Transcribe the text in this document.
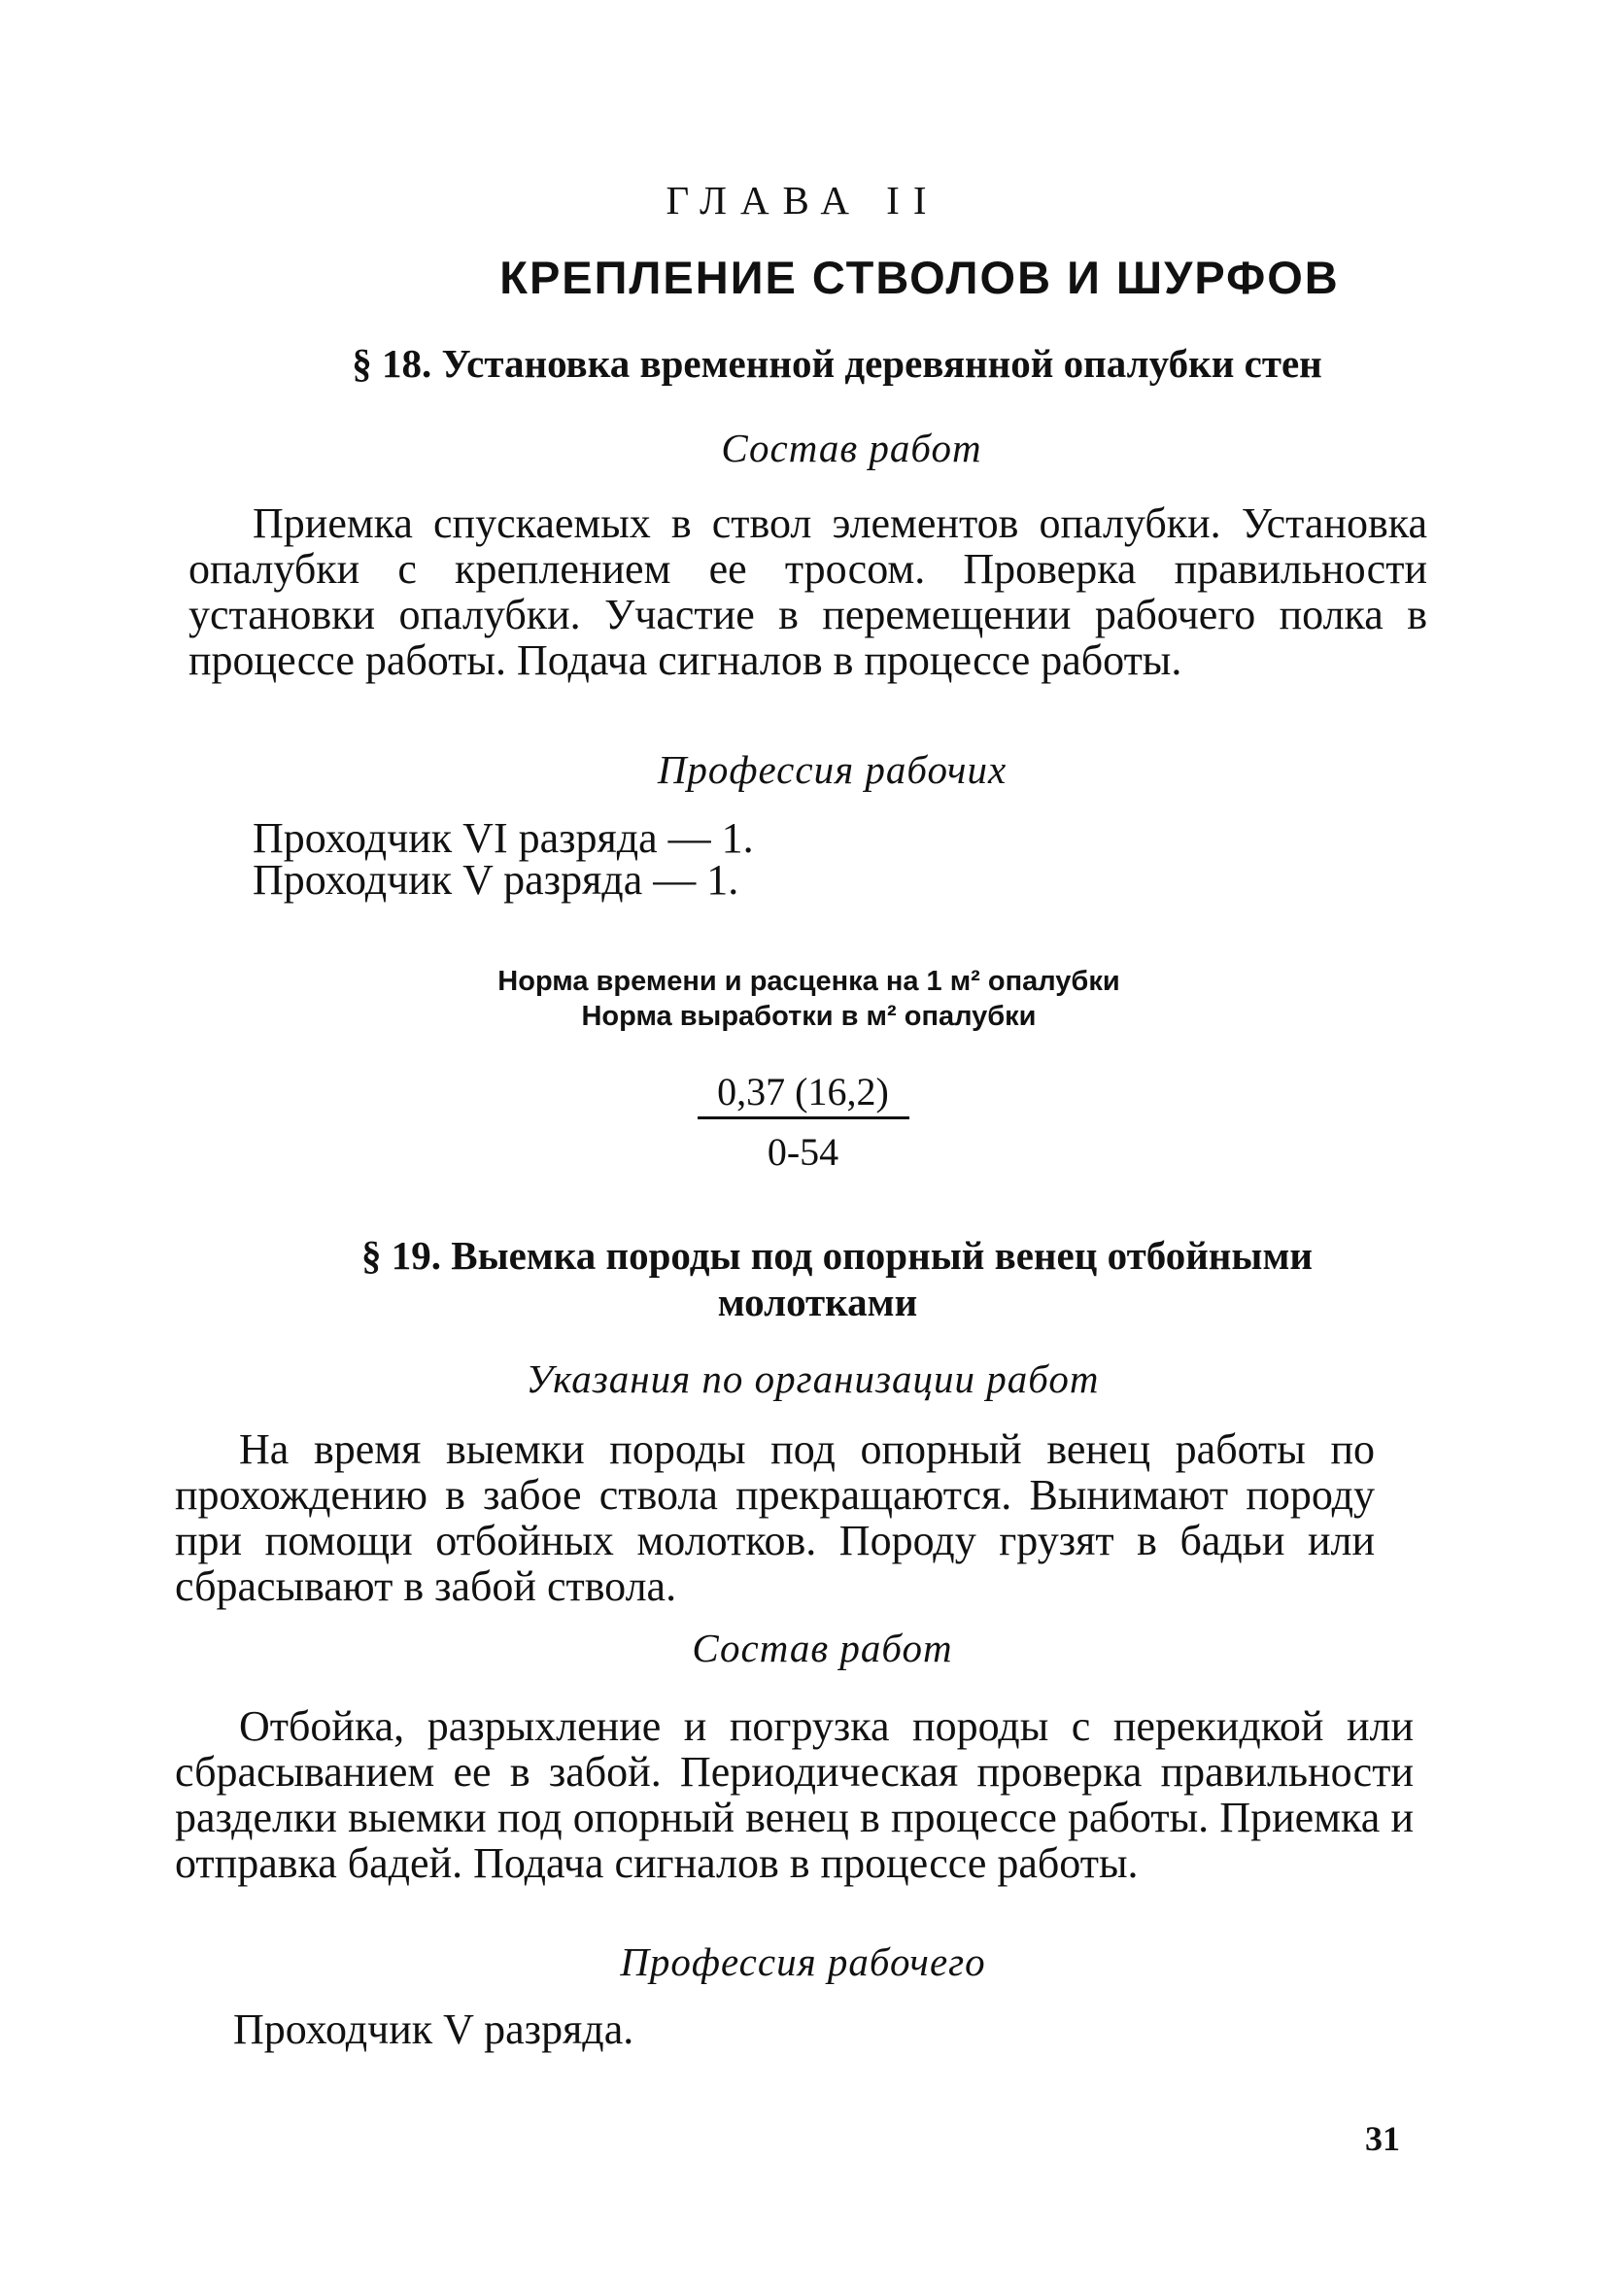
ГЛАВА II
КРЕПЛЕНИЕ СТВОЛОВ И ШУРФОВ
§ 18. Установка временной деревянной опалубки стен
Состав работ

Приемка спускаемых в ствол элементов опалубки. Установка опалубки с креплением ее тросом. Проверка правильности установки опалубки. Участие в перемещении рабочего полка в процессе работы. Подача сигналов в процессе работы.

Профессия рабочих
Проходчик VI разряда — 1.
Проходчик V разряда — 1.
Норма времени и расценка на 1 м² опалубки
Норма выработки в м² опалубки
0,37 (16,2)
0-54
§ 19. Выемка породы под опорный венец отбойными
молотками
Указания по организации работ

На время выемки породы под опорный венец работы по прохождению в забое ствола прекращаются. Вынимают породу при помощи отбойных молотков. Породу грузят в бадьи или сбрасывают в забой ствола.

Состав работ

Отбойка, разрыхление и погрузка породы с перекидкой или сбрасыванием ее в забой. Периодическая проверка правильности разделки выемки под опорный венец в процессе работы. Приемка и отправка бадей. Подача сигналов в процессе работы.

Профессия рабочего
Проходчик V разряда.
31
